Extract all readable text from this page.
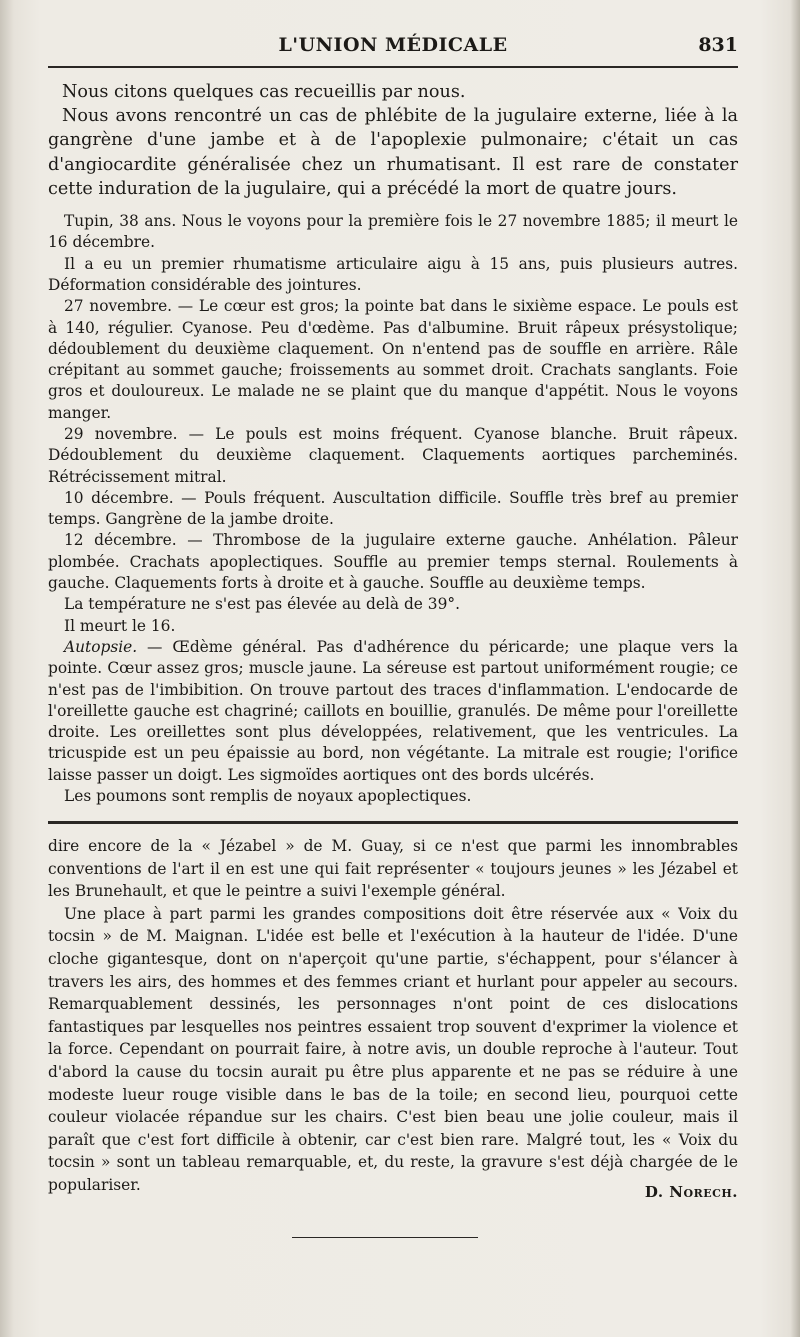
L'UNION MÉDICALE	831

Nous citons quelques cas recueillis par nous.

Nous avons rencontré un cas de phlébite de la jugulaire externe, liée à la gangrène d'une jambe et à de l'apoplexie pulmonaire; c'était un cas d'angiocardite généralisée chez un rhumatisant. Il est rare de constater cette induration de la jugulaire, qui a précédé la mort de quatre jours.

Tupin, 38 ans. Nous le voyons pour la première fois le 27 novembre 1885; il meurt le 16 décembre.

Il a eu un premier rhumatisme articulaire aigu à 15 ans, puis plusieurs autres. Déformation considérable des jointures.

27 novembre. — Le cœur est gros; la pointe bat dans le sixième espace. Le pouls est à 140, régulier. Cyanose. Peu d'œdème. Pas d'albumine. Bruit râpeux présystolique; dédoublement du deuxième claquement. On n'entend pas de souffle en arrière. Râle crépitant au sommet gauche; froissements au sommet droit. Crachats sanglants. Foie gros et douloureux. Le malade ne se plaint que du manque d'appétit. Nous le voyons manger.

29 novembre. — Le pouls est moins fréquent. Cyanose blanche. Bruit râpeux. Dédoublement du deuxième claquement. Claquements aortiques parcheminés. Rétrécissement mitral.

10 décembre. — Pouls fréquent. Auscultation difficile. Souffle très bref au premier temps. Gangrène de la jambe droite.

12 décembre. — Thrombose de la jugulaire externe gauche. Anhélation. Pâleur plombée. Crachats apoplectiques. Souffle au premier temps sternal. Roulements à gauche. Claquements forts à droite et à gauche. Souffle au deuxième temps.

La température ne s'est pas élevée au delà de 39°.

Il meurt le 16.

Autopsie. — Œdème général. Pas d'adhérence du péricarde; une plaque vers la pointe. Cœur assez gros; muscle jaune. La séreuse est partout uniformément rougie; ce n'est pas de l'imbibition. On trouve partout des traces d'inflammation. L'endocarde de l'oreillette gauche est chagriné; caillots en bouillie, granulés. De même pour l'oreillette droite. Les oreillettes sont plus développées, relativement, que les ventricules. La tricuspide est un peu épaissie au bord, non végétante. La mitrale est rougie; l'orifice laisse passer un doigt. Les sigmoïdes aortiques ont des bords ulcérés.

Les poumons sont remplis de noyaux apoplectiques.

dire encore de la « Jézabel » de M. Guay, si ce n'est que parmi les innombrables conventions de l'art il en est une qui fait représenter « toujours jeunes » les Jézabel et les Brunehault, et que le peintre a suivi l'exemple général.

Une place à part parmi les grandes compositions doit être réservée aux « Voix du tocsin » de M. Maignan. L'idée est belle et l'exécution à la hauteur de l'idée. D'une cloche gigantesque, dont on n'aperçoit qu'une partie, s'échappent, pour s'élancer à travers les airs, des hommes et des femmes criant et hurlant pour appeler au secours. Remarquablement dessinés, les personnages n'ont point de ces dislocations fantastiques par lesquelles nos peintres essaient trop souvent d'exprimer la violence et la force. Cependant on pourrait faire, à notre avis, un double reproche à l'auteur. Tout d'abord la cause du tocsin aurait pu être plus apparente et ne pas se réduire à une modeste lueur rouge visible dans le bas de la toile; en second lieu, pourquoi cette couleur violacée répandue sur les chairs. C'est bien beau une jolie couleur, mais il paraît que c'est fort difficile à obtenir, car c'est bien rare. Malgré tout, les « Voix du tocsin » sont un tableau remarquable, et, du reste, la gravure s'est déjà chargée de le populariser.	D. Norech.
